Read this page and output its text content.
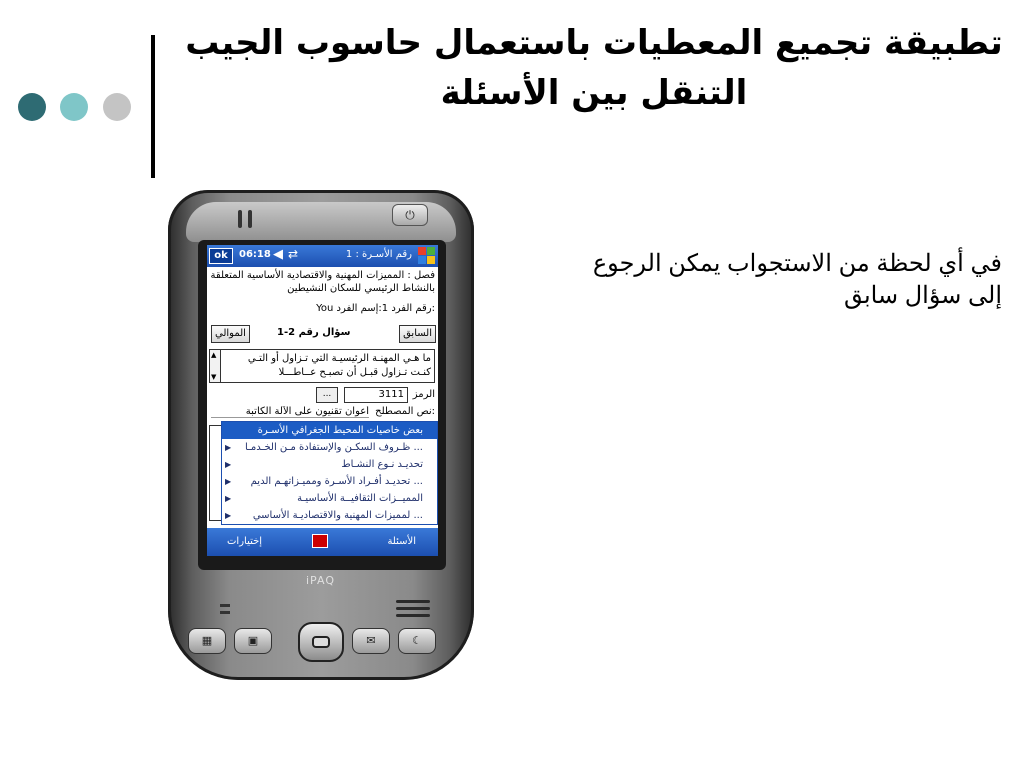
تطبيقة تجميع المعطيات باستعمال حاسوب الجيب
التنقل بين الأسئلة
في أي لحظة من الاستجواب يمكن الرجوع إلى سؤال سابق
⏻
ok	06:18 ◀ ⇄	رقم الأسـرة : 1
فصل : المميزات المهنية والاقتصادية الأساسية المتعلقة بالنشاط الرئيسي للسكان النشيطين
:رقم الفرد 1:إسم الفرد You
السابق
سؤال رقم 2-1
الموالي
ما هـي المهنـة الرئيسيـة التي تـزاول أو التـي كنـت تـزاول قبـل أن تصبـح عــاطـــلا
▲
▼
الرمز
3111
...
:نص المصطلح
أعوان تقنيون على الآلة الكاتبة
بعض خاصيات المحيط الجغرافي الأسـرة
... ظـروف السكـن والإستفادة مـن الخـدمـا
▶
تحديـد نـوع النشـاط
▶
... تحديـد أفـراد الأسـرة ومميـزاتهـم الديم
▶
المميــزات الثقافيــة الأساسيـة
▶
... لمميزات المهنية والاقتصاديـة الأساسي
▶
الأسئلة
إختيارات
iPAQ
▦	▣	✉	☾
